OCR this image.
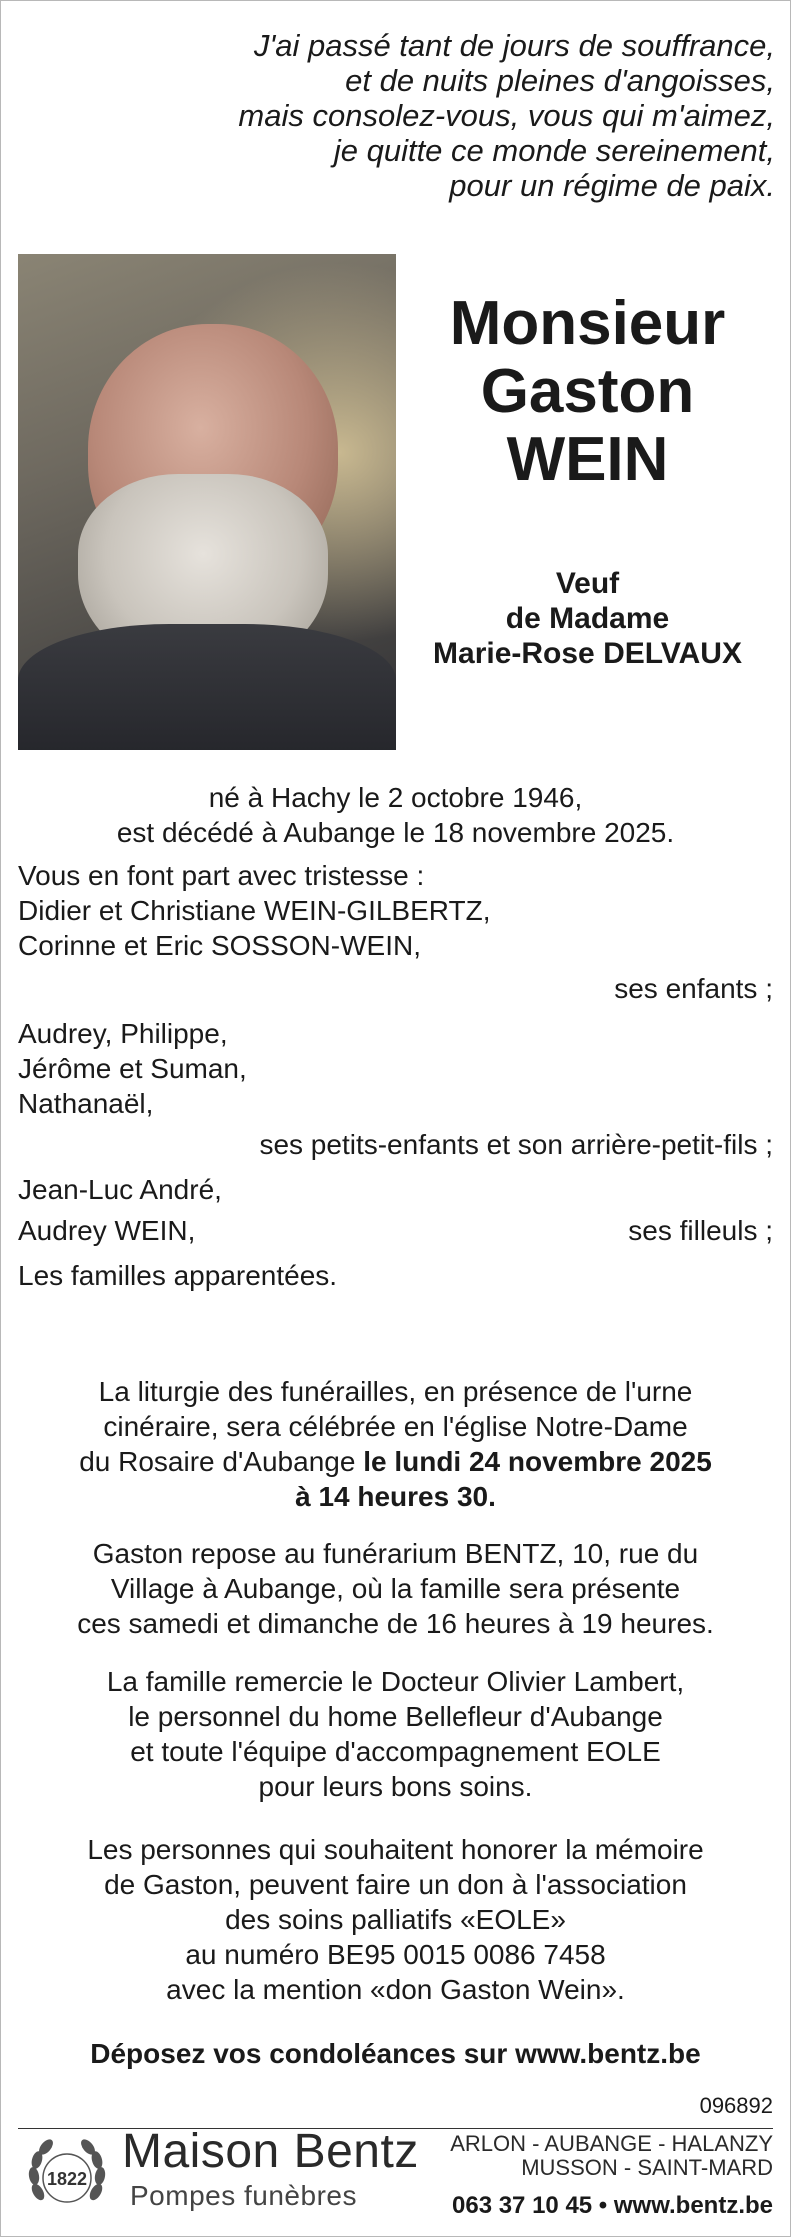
J'ai passé tant de jours de souffrance,
et de nuits pleines d'angoisses,
mais consolez-vous, vous qui m'aimez,
je quitte ce monde sereinement,
pour un régime de paix.
Monsieur
Gaston
WEIN
Veuf
de Madame
Marie-Rose DELVAUX
né à Hachy le 2 octobre 1946,
est décédé à Aubange le 18 novembre 2025.
Vous en font part avec tristesse :
Didier et Christiane WEIN-GILBERTZ,
Corinne et Eric SOSSON-WEIN,
ses enfants ;
Audrey, Philippe,
Jérôme et Suman,
Nathanaël,
ses petits-enfants et son arrière-petit-fils ;
Jean-Luc André,
Audrey WEIN,	ses filleuls ;
Les familles apparentées.
La liturgie des funérailles, en présence de l'urne
cinéraire, sera célébrée en l'église Notre-Dame
du Rosaire d'Aubange le lundi 24 novembre 2025
à 14 heures 30.
Gaston repose au funérarium BENTZ, 10, rue du
Village à Aubange, où la famille sera présente
ces samedi et dimanche de 16 heures à 19 heures.
La famille remercie le Docteur Olivier Lambert,
le personnel du home Bellefleur d'Aubange
et toute l'équipe d'accompagnement EOLE
pour leurs bons soins.
Les personnes qui souhaitent honorer la mémoire
de Gaston, peuvent faire un don à l'association
des soins palliatifs «EOLE»
au numéro BE95 0015 0086 7458
avec la mention «don Gaston Wein».
Déposez vos condoléances sur www.bentz.be
096892
1822
Maison Bentz
Pompes funèbres
ARLON - AUBANGE - HALANZY
MUSSON - SAINT-MARD
063 37 10 45 • www.bentz.be
